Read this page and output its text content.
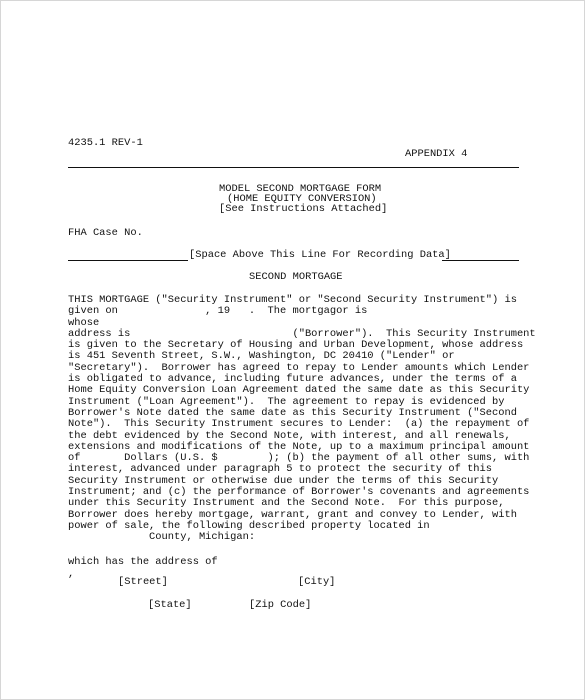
4235.1 REV-1
APPENDIX 4
MODEL SECOND MORTGAGE FORM
(HOME EQUITY CONVERSION)
[See Instructions Attached]
FHA Case No.
[Space Above This Line For Recording Data]
SECOND MORTGAGE
THIS MORTGAGE ("Security Instrument" or "Second Security Instrument") is
given on              , 19   .  The mortgagor is
whose
address is                          ("Borrower").  This Security Instrument
is given to the Secretary of Housing and Urban Development, whose address
is 451 Seventh Street, S.W., Washington, DC 20410 ("Lender" or
"Secretary").  Borrower has agreed to repay to Lender amounts which Lender
is obligated to advance, including future advances, under the terms of a
Home Equity Conversion Loan Agreement dated the same date as this Security
Instrument ("Loan Agreement").  The agreement to repay is evidenced by
Borrower's Note dated the same date as this Security Instrument ("Second
Note").  This Security Instrument secures to Lender:  (a) the repayment of
the debt evidenced by the Second Note, with interest, and all renewals,
extensions and modifications of the Note, up to a maximum principal amount
of       Dollars (U.S. $        ); (b) the payment of all other sums, with
interest, advanced under paragraph 5 to protect the security of this
Security Instrument or otherwise due under the terms of this Security
Instrument; and (c) the performance of Borrower's covenants and agreements
under this Security Instrument and the Second Note.  For this purpose,
Borrower does hereby mortgage, warrant, grant and convey to Lender, with
power of sale, the following described property located in
County, Michigan:
which has the address of
,
[Street]	[City]
[State]	[Zip Code]
